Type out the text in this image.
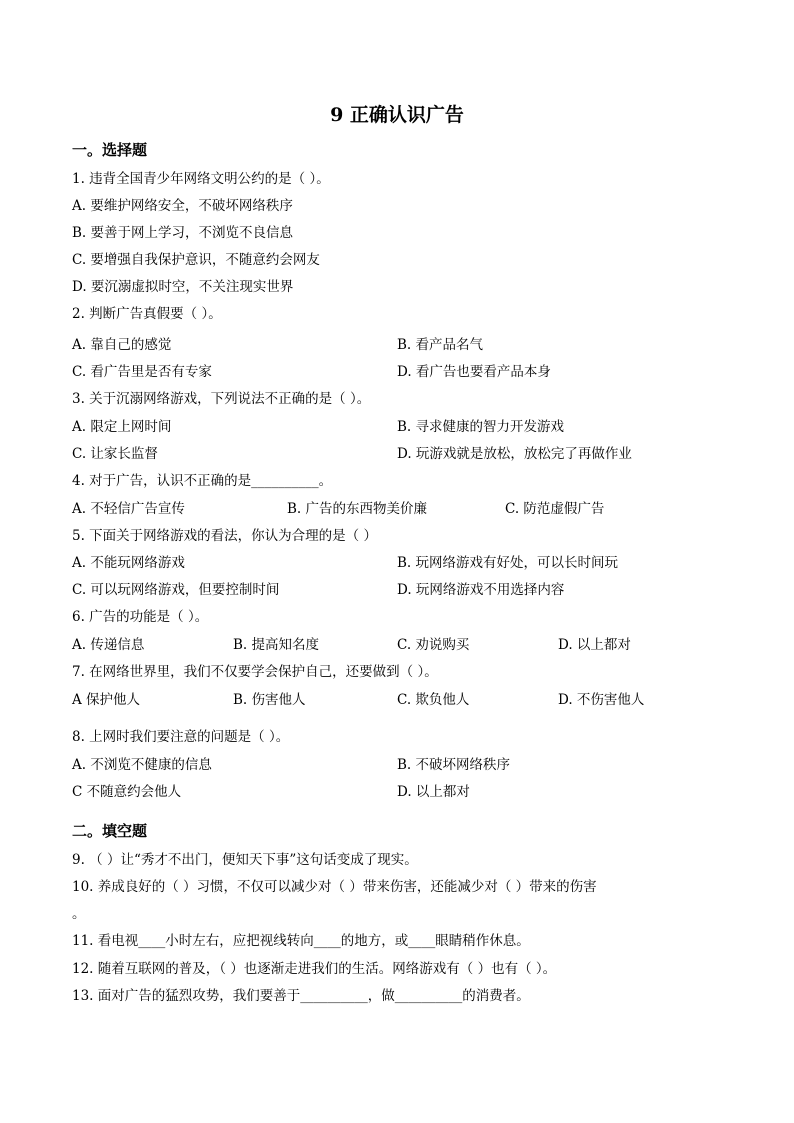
9 正确认识广告
一。选择题
1. 违背全国青少年网络文明公约的是（ ）。
A. 要维护网络安全，不破坏网络秩序
B. 要善于网上学习，不浏览不良信息
C. 要增强自我保护意识，不随意约会网友
D. 要沉溺虚拟时空，不关注现实世界
2. 判断广告真假要（ ）。
A. 靠自己的感觉	B. 看产品名气
C. 看广告里是否有专家	D. 看广告也要看产品本身
3. 关于沉溺网络游戏，下列说法不正确的是（ ）。
A. 限定上网时间	B. 寻求健康的智力开发游戏
C. 让家长监督	D. 玩游戏就是放松，放松完了再做作业
4. 对于广告，认识不正确的是__________。
A. 不轻信广告宣传	B. 广告的东西物美价廉	C. 防范虚假广告
5. 下面关于网络游戏的看法，你认为合理的是（ ）
A. 不能玩网络游戏	B. 玩网络游戏有好处，可以长时间玩
C. 可以玩网络游戏，但要控制时间	D. 玩网络游戏不用选择内容
6. 广告的功能是（ ）。
A. 传递信息	B. 提高知名度	C. 劝说购买	D. 以上都对
7. 在网络世界里，我们不仅要学会保护自己，还要做到（ ）。
A 保护他人	B. 伤害他人	C. 欺负他人	D. 不伤害他人
8. 上网时我们要注意的问题是（ ）。
A. 不浏览不健康的信息	B. 不破坏网络秩序
C 不随意约会他人	D. 以上都对
二。填空题
9. （ ）让“秀才不出门，便知天下事”这句话变成了现实。
10. 养成良好的（ ）习惯，不仅可以减少对（ ）带来伤害，还能减少对（ ）带来的伤害
。
11. 看电视____小时左右，应把视线转向____的地方，或____眼睛稍作休息。
12. 随着互联网的普及，（ ）也逐渐走进我们的生活。网络游戏有（ ）也有（ ）。
13. 面对广告的猛烈攻势，我们要善于__________，做__________的消费者。
